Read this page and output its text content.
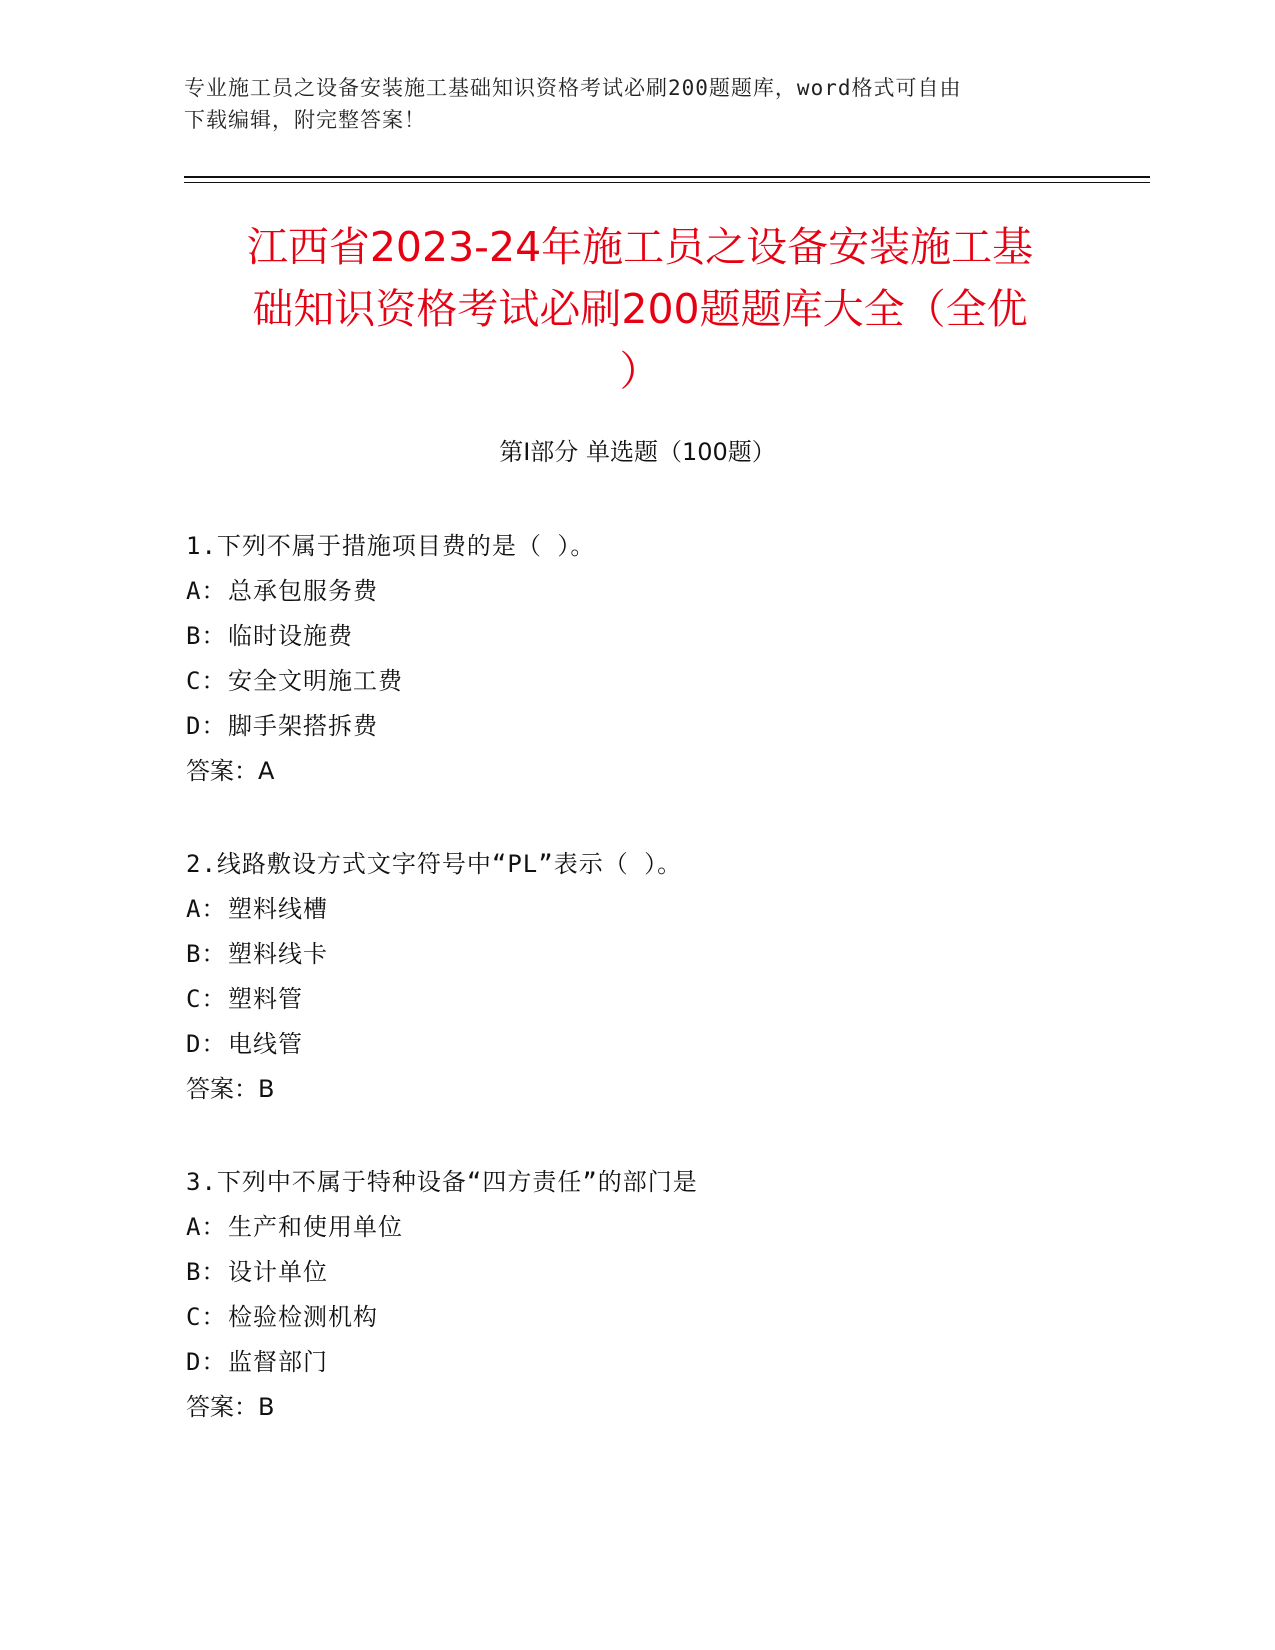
专业施工员之设备安装施工基础知识资格考试必刷200题题库，word格式可自由
下载编辑，附完整答案！
江西省2023-24年施工员之设备安装施工基
础知识资格考试必刷200题题库大全（全优
）
第Ⅰ部分 单选题（100题）
1.下列不属于措施项目费的是（ ）。
A：总承包服务费
B：临时设施费
C：安全文明施工费
D：脚手架搭拆费
答案：A
2.线路敷设方式文字符号中“PL”表示（ ）。
A：塑料线槽
B：塑料线卡
C：塑料管
D：电线管
答案：B
3.下列中不属于特种设备“四方责任”的部门是
A：生产和使用单位
B：设计单位
C：检验检测机构
D：监督部门
答案：B
